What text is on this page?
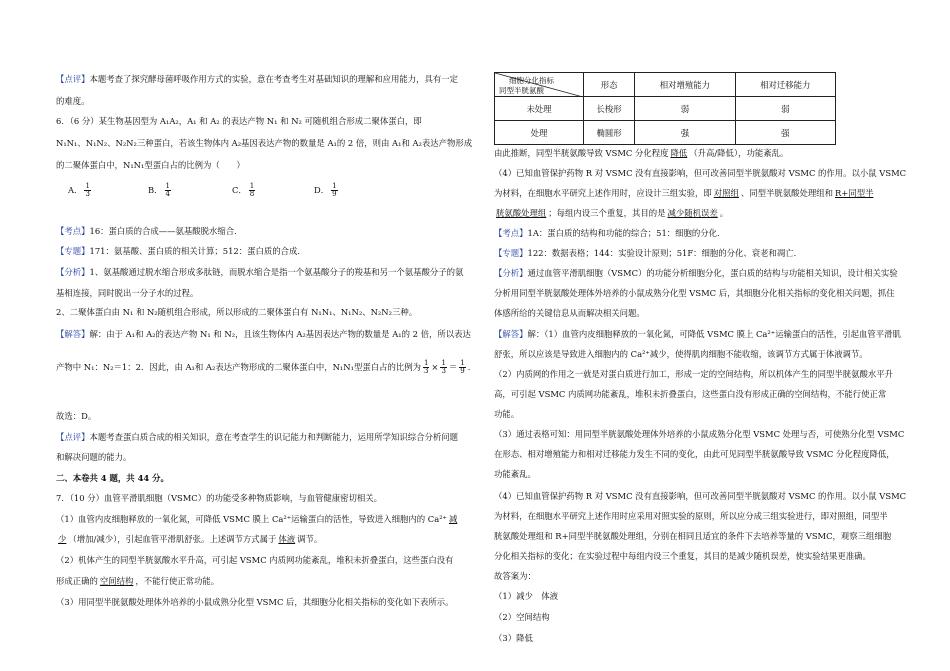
【点评】本题考查了探究酵母菌呼吸作用方式的实验，意在考查考生对基础知识的理解和应用能力，具有一定
的难度。
6．（6 分）某生物基因型为 A₁A₂，A₁ 和 A₂ 的表达产物 N₁ 和 N₂ 可随机组合形成二聚体蛋白，即
N₁N₁、N₁N₂、N₂N₂三种蛋白，若该生物体内 A₂基因表达产物的数量是 A₁的 2 倍，则由 A₁和 A₂表达产物形成
的二聚体蛋白中，N₁N₁型蛋白占的比例为（　　）
A． $\frac{1}{3}$	B． $\frac{1}{4}$	C． $\frac{1}{8}$	D． $\frac{1}{9}$
【考点】16：蛋白质的合成——氨基酸脱水缩合．
【专题】171：氨基酸、蛋白质的相关计算；512：蛋白质的合成．
【分析】1、氨基酸通过脱水缩合形成多肽链，而脱水缩合是指一个氨基酸分子的羧基和另一个氨基酸分子的氨
基相连接，同时脱出一分子水的过程。
2、二聚体蛋白由 N₁ 和 N₂随机组合形成，所以形成的二聚体蛋白有 N₁N₁、N₁N₂、N₂N₂三种。
【解答】解：由于 A₁和 A₂的表达产物 N₁ 和 N₂，且该生物体内 A₂基因表达产物的数量是 A₁的 2 倍，所以表达
产物中 N₁：N₂＝1：2．因此，由 A₁和 A₂表达产物形成的二聚体蛋白中，N₁N₁型蛋白占的比例为 $\frac{1}{3} \times \frac{1}{3} = \frac{1}{9}$ ．
故选：D。
【点评】本题考查蛋白质合成的相关知识，意在考查学生的识记能力和判断能力，运用所学知识综合分析问题
和解决问题的能力。
二、本卷共 4 题，共 44 分。
7．（10 分）血管平滑肌细胞（VSMC）的功能受多种物质影响，与血管健康密切相关。
（1）血管内皮细胞释放的一氧化氮，可降低 VSMC 膜上 Ca²⁺运输蛋白的活性，导致进入细胞内的 Ca²⁺ 减
少 （增加/减少），引起血管平滑肌舒张。上述调节方式属于 体液 调节。
（2）机体产生的同型半胱氨酸水平升高，可引起 VSMC 内质网功能紊乱，堆积未折叠蛋白，这些蛋白没有
形成正确的 空间结构 ，不能行使正常功能。
（3）用同型半胱氨酸处理体外培养的小鼠成熟分化型 VSMC 后，其细胞分化相关指标的变化如下表所示。
细胞分化指标
同型半胱氨酸	形态	相对增殖能力	相对迁移能力
未处理	长梭形	弱	弱
处理	椭圆形	强	强
由此推断，同型半胱氨酸导致 VSMC 分化程度 降低 （升高/降低），功能紊乱。
（4）已知血管保护药物 R 对 VSMC 没有直接影响，但可改善同型半胱氨酸对 VSMC 的作用。以小鼠 VSMC
为材料，在细胞水平研究上述作用时，应设计三组实验，即 对照组 、同型半胱氨酸处理组和 R+同型半
胱氨酸处理组 ；每组内设三个重复，其目的是 减少随机误差 。
【考点】1A：蛋白质的结构和功能的综合；51：细胞的分化．
【专题】122：数据表格；144：实验设计原则；51F：细胞的分化、衰老和凋亡．
【分析】通过血管平滑肌细胞（VSMC）的功能分析细胞分化，蛋白质的结构与功能相关知识，设计相关实验
分析用同型半胱氨酸处理体外培养的小鼠成熟分化型 VSMC 后，其细胞分化相关指标的变化相关问题，抓住
体感所给的关键信息从而解决相关问题。
【解答】解：（1）血管内皮细胞释放的一氧化氮，可降低 VSMC 膜上 Ca²⁺运输蛋白的活性，引起血管平滑肌
舒张，所以应该是导致进入细胞内的 Ca²⁺减少，使得肌肉细胞不能收缩，该调节方式属于体液调节。
（2）内质网的作用之一就是对蛋白质进行加工，形成一定的空间结构，所以机体产生的同型半胱氨酸水平升
高，可引起 VSMC 内质网功能紊乱，堆积未折叠蛋白，这些蛋白没有形成正确的空间结构，不能行使正常
功能。
（3）通过表格可知：用同型半胱氨酸处理体外培养的小鼠成熟分化型 VSMC 处理与否，可使熟分化型 VSMC
在形态、相对增殖能力和相对迁移能力发生不同的变化，由此可见同型半胱氨酸导致 VSMC 分化程度降低，
功能紊乱。
（4）已知血管保护药物 R 对 VSMC 没有直接影响，但可改善同型半胱氨酸对 VSMC 的作用。以小鼠 VSMC
为材料，在细胞水平研究上述作用时应采用对照实验的原则，所以应分成三组实验进行，即对照组，同型半
胱氨酸处理组和 R+同型半胱氨酸处理组，分别在相同且适宜的条件下去培养等量的 VSMC，观察三组细胞
分化相关指标的变化；在实验过程中每组内设三个重复，其目的是减少随机误差，使实验结果更准确。
故答案为：
（1）减少　体液
（2）空间结构
（3）降低
